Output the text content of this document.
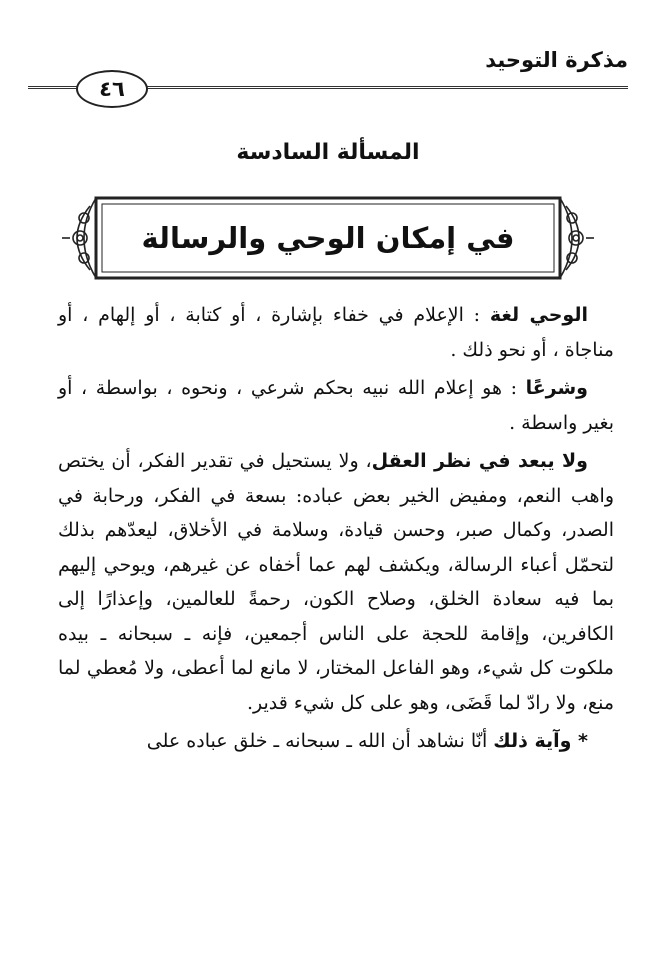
مذكرة التوحيد
٤٦
المسألة السادسة
في إمكان الوحي والرسالة

الوحي لغة : الإعلام في خفاء بإشارة ، أو كتابة ، أو إلهام ، أو مناجاة ، أو نحو ذلك .

وشرعًا : هو إعلام الله نبيه بحكم شرعي ، ونحوه ، بواسطة ، أو بغير واسطة .

ولا يبعد في نظر العقل، ولا يستحيل في تقدير الفكر، أن يختص واهب النعم، ومفيض الخير بعض عباده: بسعة في الفكر، ورحابة في الصدر، وكمال صبر، وحسن قيادة، وسلامة في الأخلاق، ليعدّهم بذلك لتحمّل أعباء الرسالة، ويكشف لهم عما أخفاه عن غيرهم، ويوحي إليهم بما فيه سعادة الخلق، وصلاح الكون، رحمةً للعالمين، وإعذارًا إلى الكافرين، وإقامة للحجة على الناس أجمعين، فإنه ـ سبحانه ـ بيده ملكوت كل شيء، وهو الفاعل المختار، لا مانع لما أعطى، ولا مُعطي لما منع، ولا رادّ لما قَضَى، وهو على كل شيء قدير.

* وآية ذلك أنّا نشاهد أن الله ـ سبحانه ـ خلق عباده على
